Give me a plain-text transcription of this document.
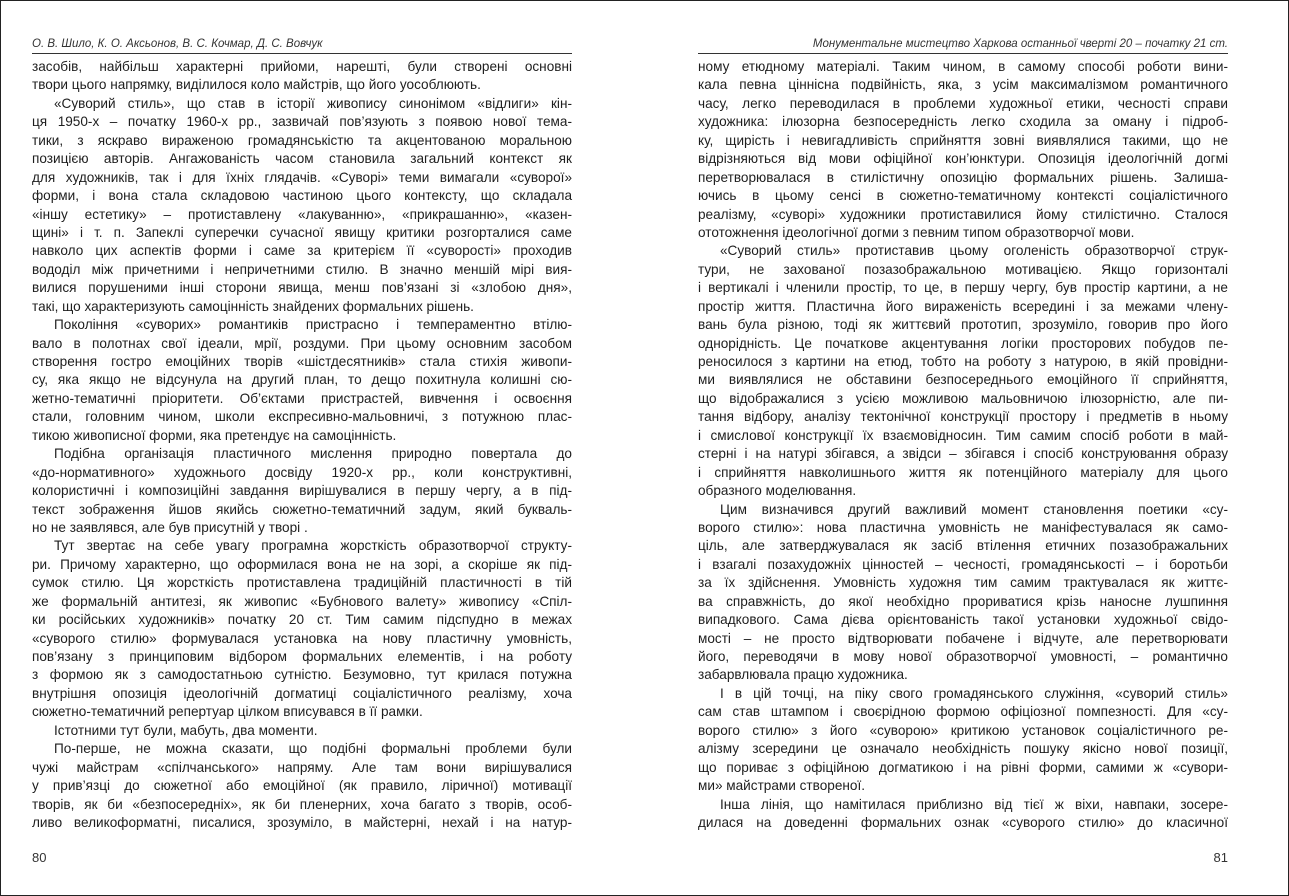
О. В. Шило, К. О. Аксьонов, В. С. Кочмар, Д. С. Вовчук
засобів, найбільш характерні прийоми, нарешті, були створені основні
твори цього напрямку, виділилося коло майстрів, що його уособлюють.
«Суворий стиль», що став в історії живопису синонімом «відлиги» кін-
ця 1950-х – початку 1960-х рр., зазвичай пов’язують з появою нової тема-
тики, з яскраво вираженою громадянськістю та акцентованою моральною
позицією авторів. Ангажованість часом становила загальний контекст як
для художників, так і для їхніх глядачів. «Суворі» теми вимагали «суворої»
форми, і вона стала складовою частиною цього контексту, що складала
«іншу естетику» – протиставлену «лакуванню», «прикрашанню», «казен-
щині» і т. п. Запеклі суперечки сучасної явищу критики розгорталися саме
навколо цих аспектів форми і саме за критерієм її «суворості» проходив
вододіл між причетними і непричетними стилю. В значно меншій мірі вия-
вилися порушеними інші сторони явища, менш пов’язані зі «злобою дня»,
такі, що характеризують самоцінність знайдених формальних рішень.
Покоління «суворих» романтиків пристрасно і темпераментно втілю-
вало в полотнах свої ідеали, мрії, роздуми. При цьому основним засобом
створення гостро емоційних творів «шістдесятників» стала стихія живопи-
су, яка якщо не відсунула на другий план, то дещо похитнула колишні сю-
жетно-тематичні пріоритети. Об’єктами пристрастей, вивчення і освоєння
стали, головним чином, школи експресивно-мальовничі, з потужною плас-
тикою живописної форми, яка претендує на самоцінність.
Подібна організація пластичного мислення природно повертала до
«до-нормативного» художнього досвіду 1920-х рр., коли конструктивні,
колористичні і композиційні завдання вирішувалися в першу чергу, а в під-
текст зображення йшов якийсь сюжетно-тематичний задум, який букваль-
но не заявлявся, але був присутній у творі .
Тут звертає на себе увагу програмна жорсткість образотворчої структу-
ри. Причому характерно, що оформилася вона не на зорі, а скоріше як під-
сумок стилю. Ця жорсткість протиставлена традиційній пластичності в тій
же формальній антитезі, як живопис «Бубнового валету» живопису «Спіл-
ки російських художників» початку 20 ст. Тим самим підспудно в межах
«суворого стилю» формувалася установка на нову пластичну умовність,
пов’язану з принциповим відбором формальних елементів, і на роботу
з формою як з самодостатньою сутністю. Безумовно, тут крилася потужна
внутрішня опозиція ідеологічній догматиці соціалістичного реалізму, хоча
сюжетно-тематичний репертуар цілком вписувався в її рамки.
Істотними тут були, мабуть, два моменти.
По-перше, не можна сказати, що подібні формальні проблеми були
чужі майстрам «спілчанського» напряму. Але там вони вирішувалися
у прив’язці до сюжетної або емоційної (як правило, ліричної) мотивації
творів, як би «безпосередніх», як би пленерних, хоча багато з творів, особ-
ливо великоформатні, писалися, зрозуміло, в майстерні, нехай і на натур-
80
Монументальне мистецтво Харкова останньої чверті 20 – початку 21 ст.
ному етюдному матеріалі. Таким чином, в самому способі роботи вини-
кала певна ціннісна подвійність, яка, з усім максималізмом романтичного
часу, легко переводилася в проблеми художньої етики, чесності справи
художника: ілюзорна безпосередність легко сходила за оману і підроб-
ку, щирість і невигадливість сприйняття зовні виявлялися такими, що не
відрізняються від мови офіційної кон’юнктури. Опозиція ідеологічній догмі
перетворювалася в стилістичну опозицію формальних рішень. Залиша-
ючись в цьому сенсі в сюжетно-тематичному контексті соціалістичного
реалізму, «суворі» художники протиставилися йому стилістично. Сталося
ототожнення ідеологічної догми з певним типом образотворчої мови.
«Суворий стиль» протиставив цьому оголеність образотворчої струк-
тури, не захованої позазображальною мотивацією. Якщо горизонталі
і вертикалі і членили простір, то це, в першу чергу, був простір картини, а не
простір життя. Пластична його вираженість всередині і за межами члену-
вань була різною, тоді як життєвий прототип, зрозуміло, говорив про його
однорідність. Це початкове акцентування логіки просторових побудов пе-
реносилося з картини на етюд, тобто на роботу з натурою, в якій провідни-
ми виявлялися не обставини безпосереднього емоційного її сприйняття,
що відображалися з усією можливою мальовничою ілюзорністю, але пи-
тання відбору, аналізу тектонічної конструкції простору і предметів в ньому
і смислової конструкції їх взаємовідносин. Тим самим спосіб роботи в май-
стерні і на натурі збігався, а звідси – збігався і спосіб конструювання образу
і сприйняття навколишнього життя як потенційного матеріалу для цього
образного моделювання.
Цим визначився другий важливий момент становлення поетики «су-
ворого стилю»: нова пластична умовність не маніфестувалася як само-
ціль, але затверджувалася як засіб втілення етичних позазображальних
і взагалі позахудожніх цінностей – чесності, громадянськості – і боротьби
за їх здійснення. Умовність художня тим самим трактувалася як життє-
ва справжність, до якої необхідно прориватися крізь наносне лушпиння
випадкового. Сама дієва орієнтованість такої установки художньої свідо-
мості – не просто відтворювати побачене і відчуте, але перетворювати
його, переводячи в мову нової образотворчої умовності, – романтично
забарвлювала працю художника.
І в цій точці, на піку свого громадянського служіння, «суворий стиль»
сам став штампом і своєрідною формою офіціозної помпезності. Для «су-
ворого стилю» з його «суворою» критикою установок соціалістичного ре-
алізму зсередини це означало необхідність пошуку якісно нової позиції,
що пориває з офіційною догматикою і на рівні форми, самими ж «сувори-
ми» майстрами створеної.
Інша лінія, що намітилася приблизно від тієї ж віхи, навпаки, зосере-
дилася на доведенні формальних ознак «суворого стилю» до класичної
81
